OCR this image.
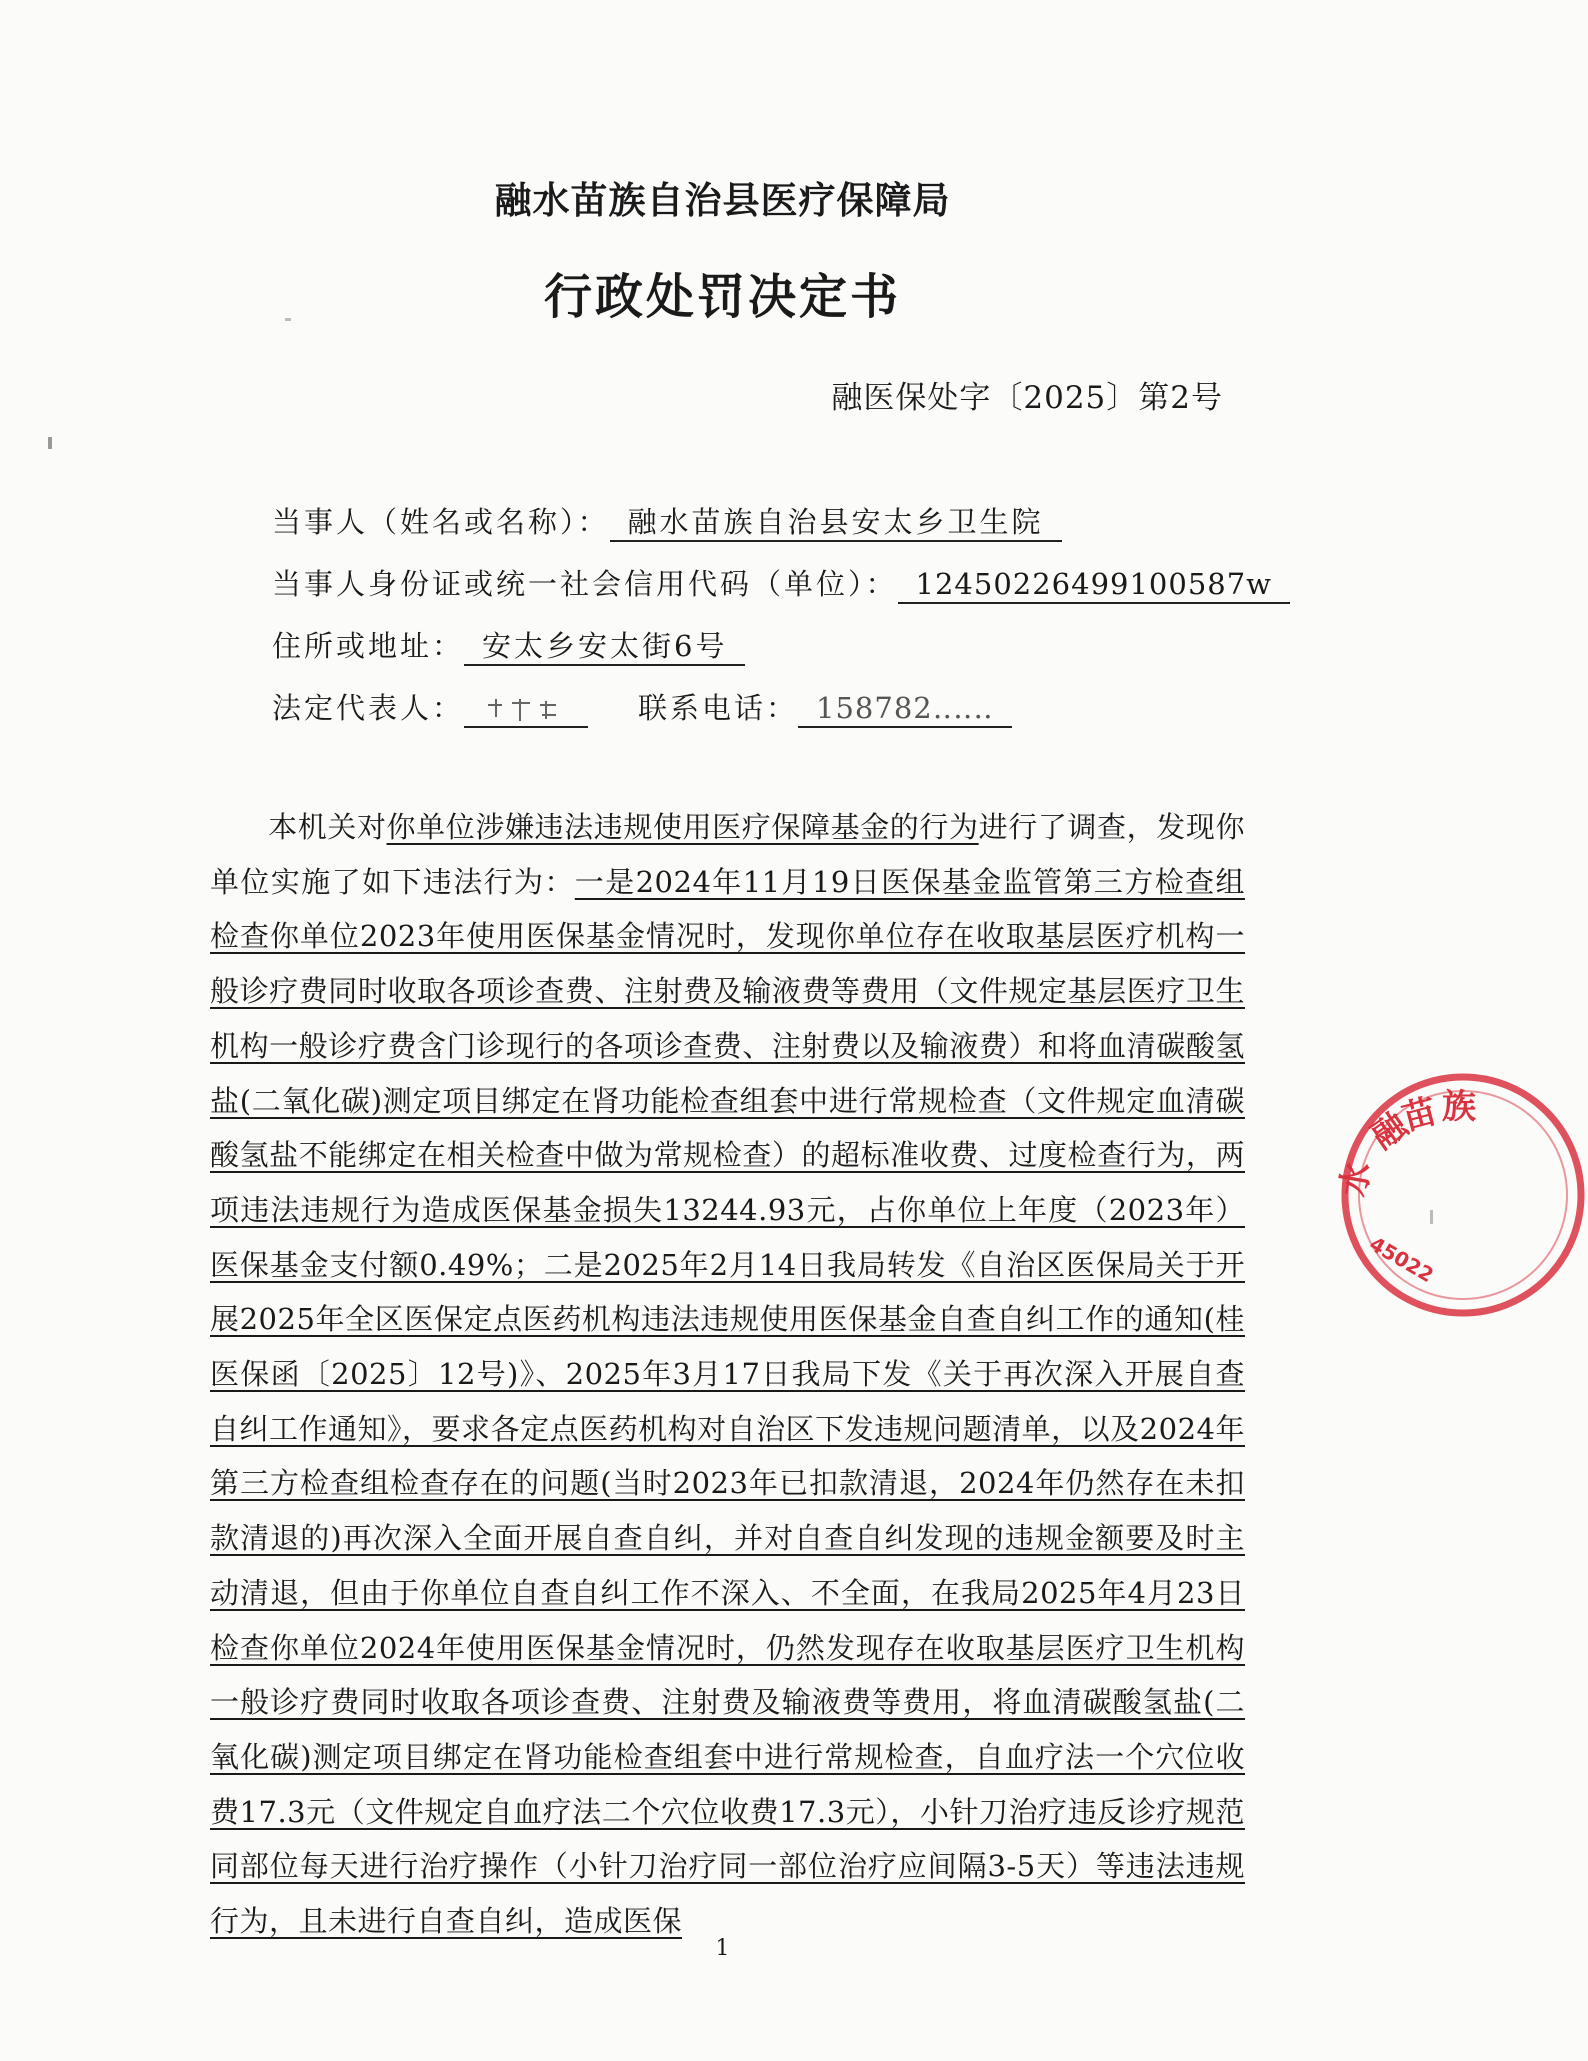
融水苗族自治县医疗保障局
行政处罚决定书
融医保处字〔2025〕第2号
当事人（姓名或名称）： 融水苗族自治县安太乡卫生院
当事人身份证或统一社会信用代码（单位）： 12450226499100587w
住所或地址： 安太乡安太街6号
法定代表人：	联系电话： 158782‥‥‥
本机关对你单位涉嫌违法违规使用医疗保障基金的行为进行了调查，发现你单位实施了如下违法行为：一是2024年11月19日医保基金监管第三方检查组检查你单位2023年使用医保基金情况时，发现你单位存在收取基层医疗机构一般诊疗费同时收取各项诊查费、注射费及输液费等费用（文件规定基层医疗卫生机构一般诊疗费含门诊现行的各项诊查费、注射费以及输液费）和将血清碳酸氢盐(二氧化碳)测定项目绑定在肾功能检查组套中进行常规检查（文件规定血清碳酸氢盐不能绑定在相关检查中做为常规检查）的超标准收费、过度检查行为，两项违法违规行为造成医保基金损失13244.93元，占你单位上年度（2023年）医保基金支付额0.49%；二是2025年2月14日我局转发《自治区医保局关于开展2025年全区医保定点医药机构违法违规使用医保基金自查自纠工作的通知(桂医保函〔2025〕12号)》、2025年3月17日我局下发《关于再次深入开展自查自纠工作通知》，要求各定点医药机构对自治区下发违规问题清单，以及2024年第三方检查组检查存在的问题(当时2023年已扣款清退，2024年仍然存在未扣款清退的)再次深入全面开展自查自纠，并对自查自纠发现的违规金额要及时主动清退，但由于你单位自查自纠工作不深入、不全面，在我局2025年4月23日检查你单位2024年使用医保基金情况时，仍然发现存在收取基层医疗卫生机构一般诊疗费同时收取各项诊查费、注射费及输液费等费用，将血清碳酸氢盐(二氧化碳)测定项目绑定在肾功能检查组套中进行常规检查，自血疗法一个穴位收费17.3元（文件规定自血疗法二个穴位收费17.3元），小针刀治疗违反诊疗规范同部位每天进行治疗操作（小针刀治疗同一部位治疗应间隔3-5天）等违法违规行为，且未进行自查自纠，造成医保
1
融
水
苗 族
45022
